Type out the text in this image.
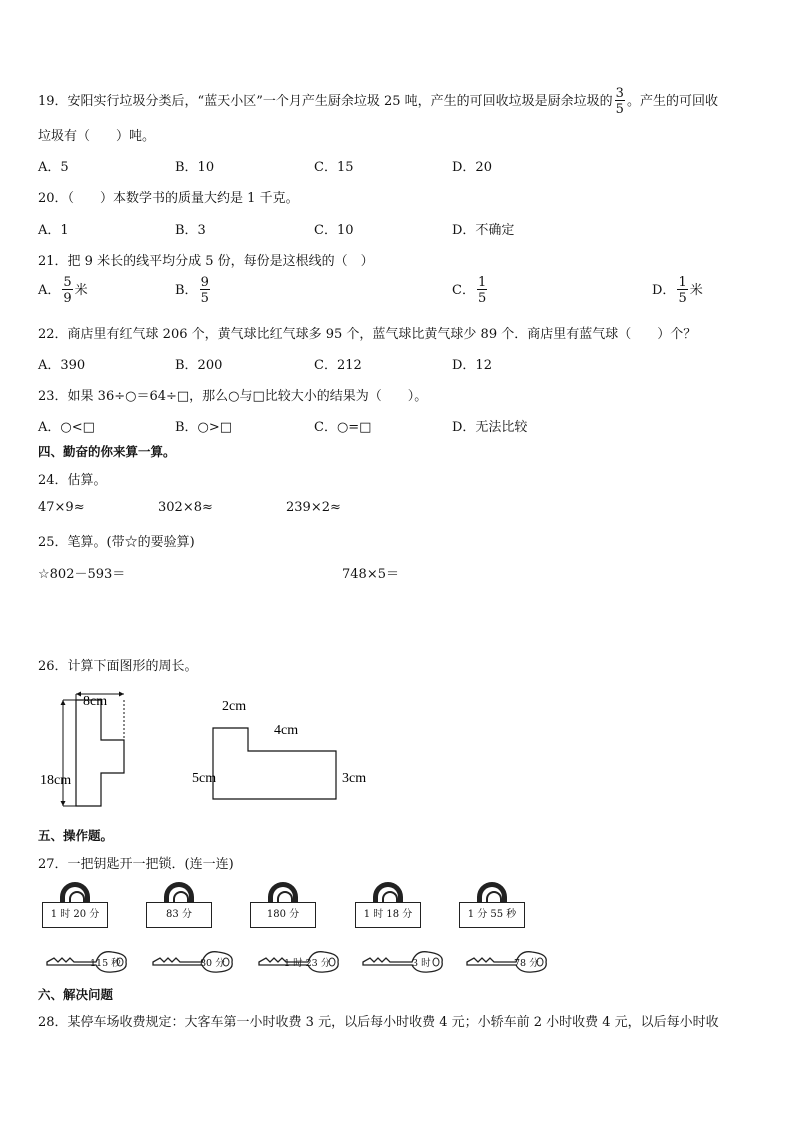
19．安阳实行垃圾分类后，“蓝天小区”一个月产生厨余垃圾 25 吨，产生的可回收垃圾是厨余垃圾的 $\frac{3}{5}$ 。产生的可回收
垃圾有（　　）吨。
A．5	B．10	C．15	D．20
20．（　　）本数学书的质量大约是 1 千克。
A．1	B．3	C．10	D．不确定
21．把 9 米长的线平均分成 5 份，每份是这根线的（　）
A． $\frac{5}{9}$ 米	B． $\frac{9}{5}$	C． $\frac{1}{5}$	D． $\frac{1}{5}$ 米
22．商店里有红气球 206 个，黄气球比红气球多 95 个，蓝气球比黄气球少 89 个．商店里有蓝气球（　　）个？
A．390	B．200	C．212	D．12
23．如果 36÷○＝64÷□，那么○与□比较大小的结果为（　　）。
A．○<□	B．○>□	C．○=□	D．无法比较
四、勤奋的你来算一算。
24．估算。
47×9≈	302×8≈	239×2≈
25．笔算。(带☆的要验算)
☆802－593＝	748×5＝
26．计算下面图形的周长。
8cm
18cm
2cm
4cm
5cm	3cm
五、操作题。
27．一把钥匙开一把锁．(连一连)
1 时 20 分	83 分	180 分	1 时 18 分	1 分 55 秒
115 秒	80 分	1 时 23 分	3 时	78 分
六、解决问题
28．某停车场收费规定：大客车第一小时收费 3 元，以后每小时收费 4 元；小轿车前 2 小时收费 4 元，以后每小时收
